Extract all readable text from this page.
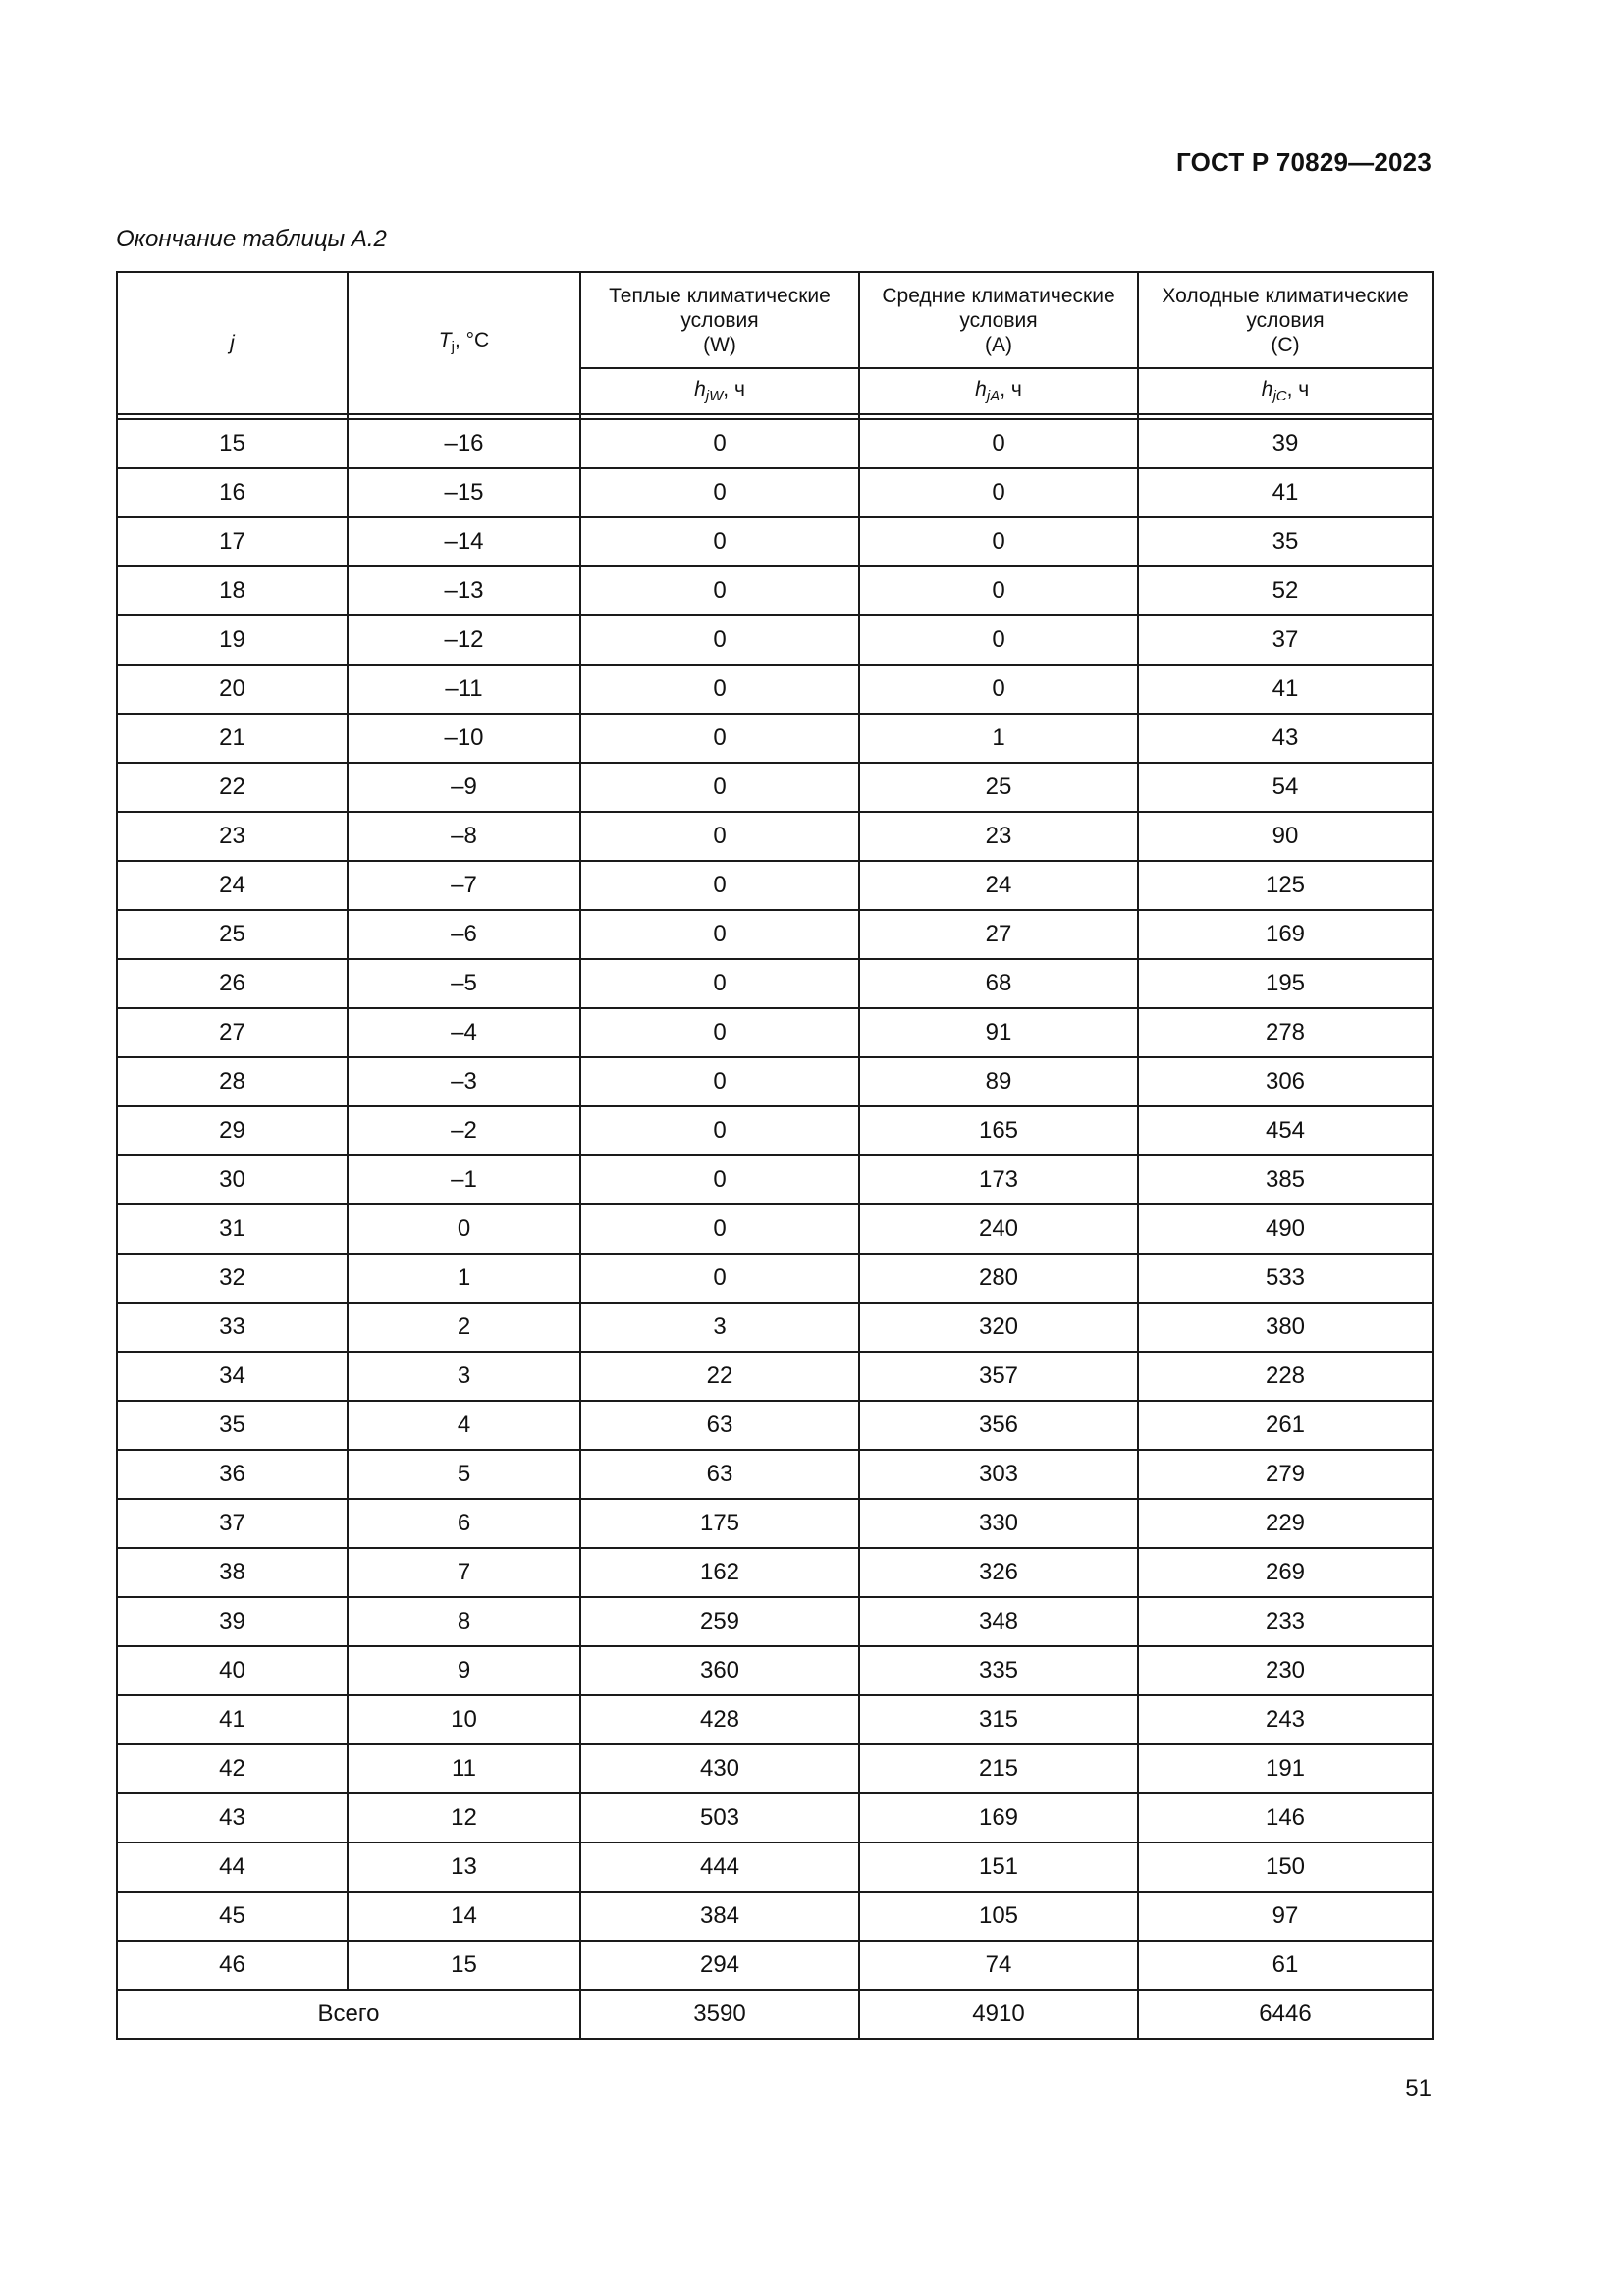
ГОСТ Р 70829—2023
Окончание таблицы А.2
j	$T_j$, °C	Теплые климатические
условия
(W)	Средние климатические
условия
(A)	Холодные климатические
условия
(C)

		$h_{jW}$, ч	$h_{jA}$, ч	$h_{jC}$, ч

15	–16	0	0	39
16	–15	0	0	41
17	–14	0	0	35
18	–13	0	0	52
19	–12	0	0	37
20	–11	0	0	41
21	–10	0	1	43
22	–9	0	25	54
23	–8	0	23	90
24	–7	0	24	125
25	–6	0	27	169
26	–5	0	68	195
27	–4	0	91	278
28	–3	0	89	306
29	–2	0	165	454
30	–1	0	173	385
31	0	0	240	490
32	1	0	280	533
33	2	3	320	380
34	3	22	357	228
35	4	63	356	261
36	5	63	303	279
37	6	175	330	229
38	7	162	326	269
39	8	259	348	233
40	9	360	335	230
41	10	428	315	243
42	11	430	215	191
43	12	503	169	146
44	13	444	151	150
45	14	384	105	97
46	15	294	74	61
Всего		3590	4910	6446
51
